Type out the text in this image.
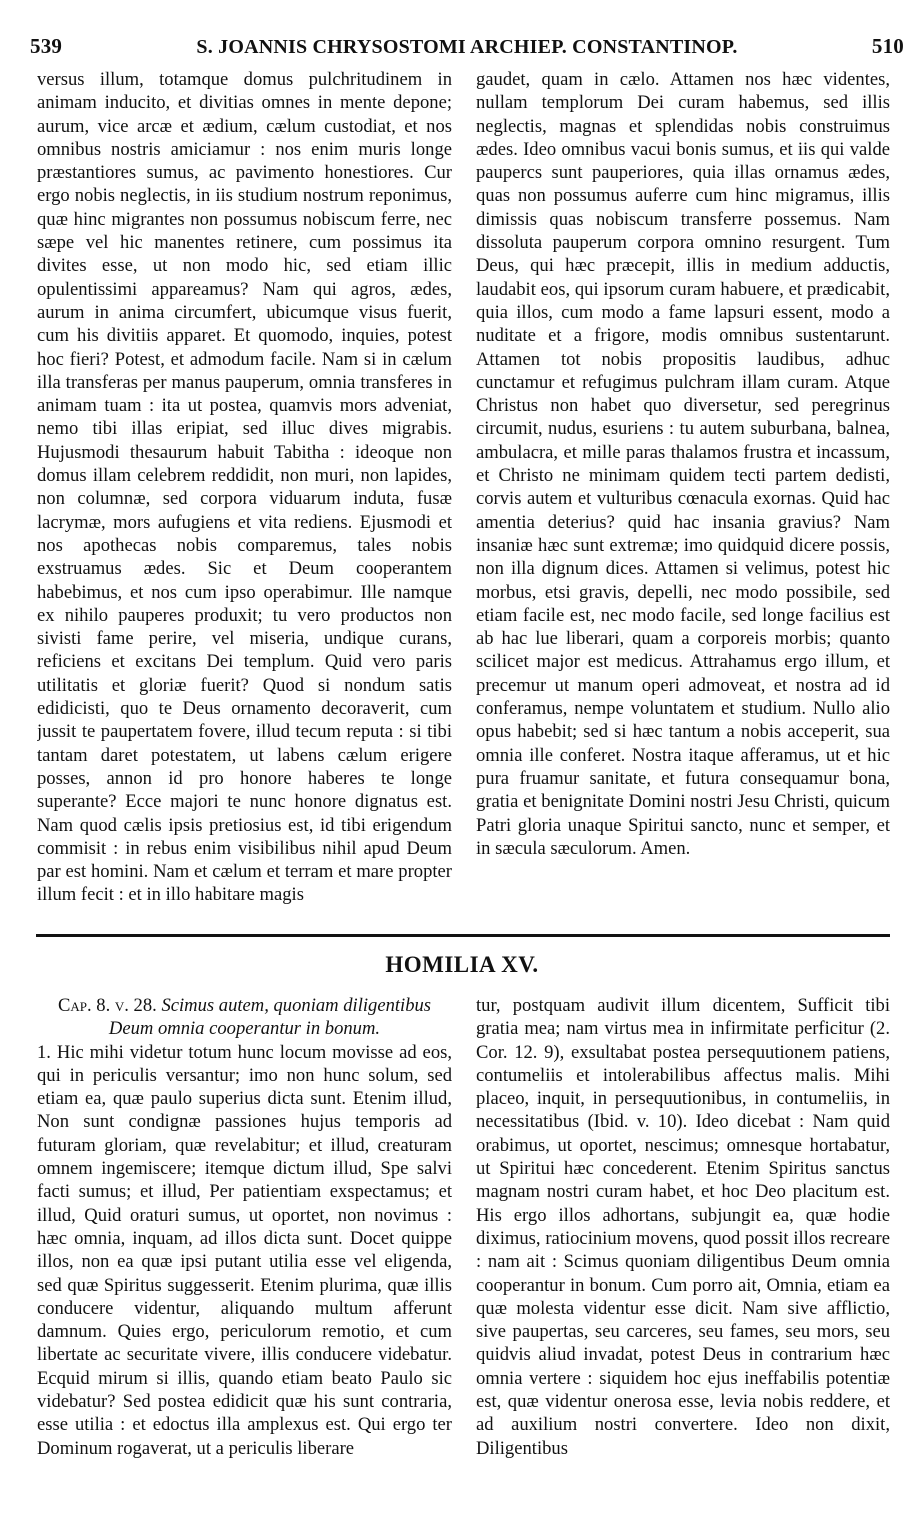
539	S. JOANNIS CHRYSOSTOMI ARCHIEP. CONSTANTINOP.	510

versus illum, totamque domus pulchritudinem in animam inducito, et divitias omnes in mente depone; aurum, vice arcæ et ædium, cælum custodiat, et nos omnibus nostris amiciamur : nos enim muris longe præstantiores sumus, ac pavimento honestiores. Cur ergo nobis neglectis, in iis studium nostrum reponimus, quæ hinc migrantes non possumus nobiscum ferre, nec sæpe vel hic manentes retinere, cum possimus ita divites esse, ut non modo hic, sed etiam illic opulentissimi appareamus? Nam qui agros, ædes, aurum in anima circumfert, ubicumque visus fuerit, cum his divitiis apparet. Et quomodo, inquies, potest hoc fieri? Potest, et admodum facile. Nam si in cælum illa transferas per manus pauperum, omnia transferes in animam tuam : ita ut postea, quamvis mors adveniat, nemo tibi illas eripiat, sed illuc dives migrabis. Hujusmodi thesaurum habuit Tabitha : ideoque non domus illam celebrem reddidit, non muri, non lapides, non columnæ, sed corpora viduarum induta, fusæ lacrymæ, mors aufugiens et vita rediens. Ejusmodi et nos apothecas nobis comparemus, tales nobis exstruamus ædes. Sic et Deum cooperantem habebimus, et nos cum ipso operabimur. Ille namque ex nihilo pauperes produxit; tu vero productos non sivisti fame perire, vel miseria, undique curans, reficiens et excitans Dei templum. Quid vero paris utilitatis et gloriæ fuerit? Quod si nondum satis edidicisti, quo te Deus ornamento decoraverit, cum jussit te paupertatem fovere, illud tecum reputa : si tibi tantam daret potestatem, ut labens cælum erigere posses, annon id pro honore haberes te longe superante? Ecce majori te nunc honore dignatus est. Nam quod cælis ipsis pretiosius est, id tibi erigendum commisit : in rebus enim visibilibus nihil apud Deum par est homini. Nam et cælum et terram et mare propter illum fecit : et in illo habitare magis

gaudet, quam in cælo. Attamen nos hæc videntes, nullam templorum Dei curam habemus, sed illis neglectis, magnas et splendidas nobis construimus ædes. Ideo omnibus vacui bonis sumus, et iis qui valde paupercs sunt pauperiores, quia illas ornamus ædes, quas non possumus auferre cum hinc migramus, illis dimissis quas nobiscum transferre possemus. Nam dissoluta pauperum corpora omnino resurgent. Tum Deus, qui hæc præcepit, illis in medium adductis, laudabit eos, qui ipsorum curam habuere, et prædicabit, quia illos, cum modo a fame lapsuri essent, modo a nuditate et a frigore, modis omnibus sustentarunt. Attamen tot nobis propositis laudibus, adhuc cunctamur et refugimus pulchram illam curam. Atque Christus non habet quo diversetur, sed peregrinus circumit, nudus, esuriens : tu autem suburbana, balnea, ambulacra, et mille paras thalamos frustra et incassum, et Christo ne minimam quidem tecti partem dedisti, corvis autem et vulturibus cœnacula exornas. Quid hac amentia deterius? quid hac insania gravius? Nam insaniæ hæc sunt extremæ; imo quidquid dicere possis, non illa dignum dices. Attamen si velimus, potest hic morbus, etsi gravis, depelli, nec modo possibile, sed etiam facile est, nec modo facile, sed longe facilius est ab hac lue liberari, quam a corporeis morbis; quanto scilicet major est medicus. Attrahamus ergo illum, et precemur ut manum operi admoveat, et nostra ad id conferamus, nempe voluntatem et studium. Nullo alio opus habebit; sed si hæc tantum a nobis acceperit, sua omnia ille conferet. Nostra itaque afferamus, ut et hic pura fruamur sanitate, et futura consequamur bona, gratia et benignitate Domini nostri Jesu Christi, quicum Patri gloria unaque Spiritui sancto, nunc et semper, et in sæcula sæculorum. Amen.

HOMILIA XV.

Cap. 8. v. 28. Scimus autem, quoniam diligentibus Deum omnia cooperantur in bonum.

1. Hic mihi videtur totum hunc locum movisse ad eos, qui in periculis versantur; imo non hunc solum, sed etiam ea, quæ paulo superius dicta sunt. Etenim illud, Non sunt condignæ passiones hujus temporis ad futuram gloriam, quæ revelabitur; et illud, creaturam omnem ingemiscere; itemque dictum illud, Spe salvi facti sumus; et illud, Per patientiam exspectamus; et illud, Quid oraturi sumus, ut oportet, non novimus : hæc omnia, inquam, ad illos dicta sunt. Docet quippe illos, non ea quæ ipsi putant utilia esse vel eligenda, sed quæ Spiritus suggesserit. Etenim plurima, quæ illis conducere videntur, aliquando multum afferunt damnum. Quies ergo, periculorum remotio, et cum libertate ac securitate vivere, illis conducere videbatur. Ecquid mirum si illis, quando etiam beato Paulo sic videbatur? Sed postea edidicit quæ his sunt contraria, esse utilia : et edoctus illa amplexus est. Qui ergo ter Dominum rogaverat, ut a periculis liberare

tur, postquam audivit illum dicentem, Sufficit tibi gratia mea; nam virtus mea in infirmitate perficitur (2. Cor. 12. 9), exsultabat postea persequutionem patiens, contumeliis et intolerabilibus affectus malis. Mihi placeo, inquit, in persequutionibus, in contumeliis, in necessitatibus (Ibid. v. 10). Ideo dicebat : Nam quid orabimus, ut oportet, nescimus; omnesque hortabatur, ut Spiritui hæc concederent. Etenim Spiritus sanctus magnam nostri curam habet, et hoc Deo placitum est. His ergo illos adhortans, subjungit ea, quæ hodie diximus, ratiocinium movens, quod possit illos recreare : nam ait : Scimus quoniam diligentibus Deum omnia cooperantur in bonum. Cum porro ait, Omnia, etiam ea quæ molesta videntur esse dicit. Nam sive afflictio, sive paupertas, seu carceres, seu fames, seu mors, seu quidvis aliud invadat, potest Deus in contrarium hæc omnia vertere : siquidem hoc ejus ineffabilis potentiæ est, quæ videntur onerosa esse, levia nobis reddere, et ad auxilium nostri convertere. Ideo non dixit, Diligentibus
